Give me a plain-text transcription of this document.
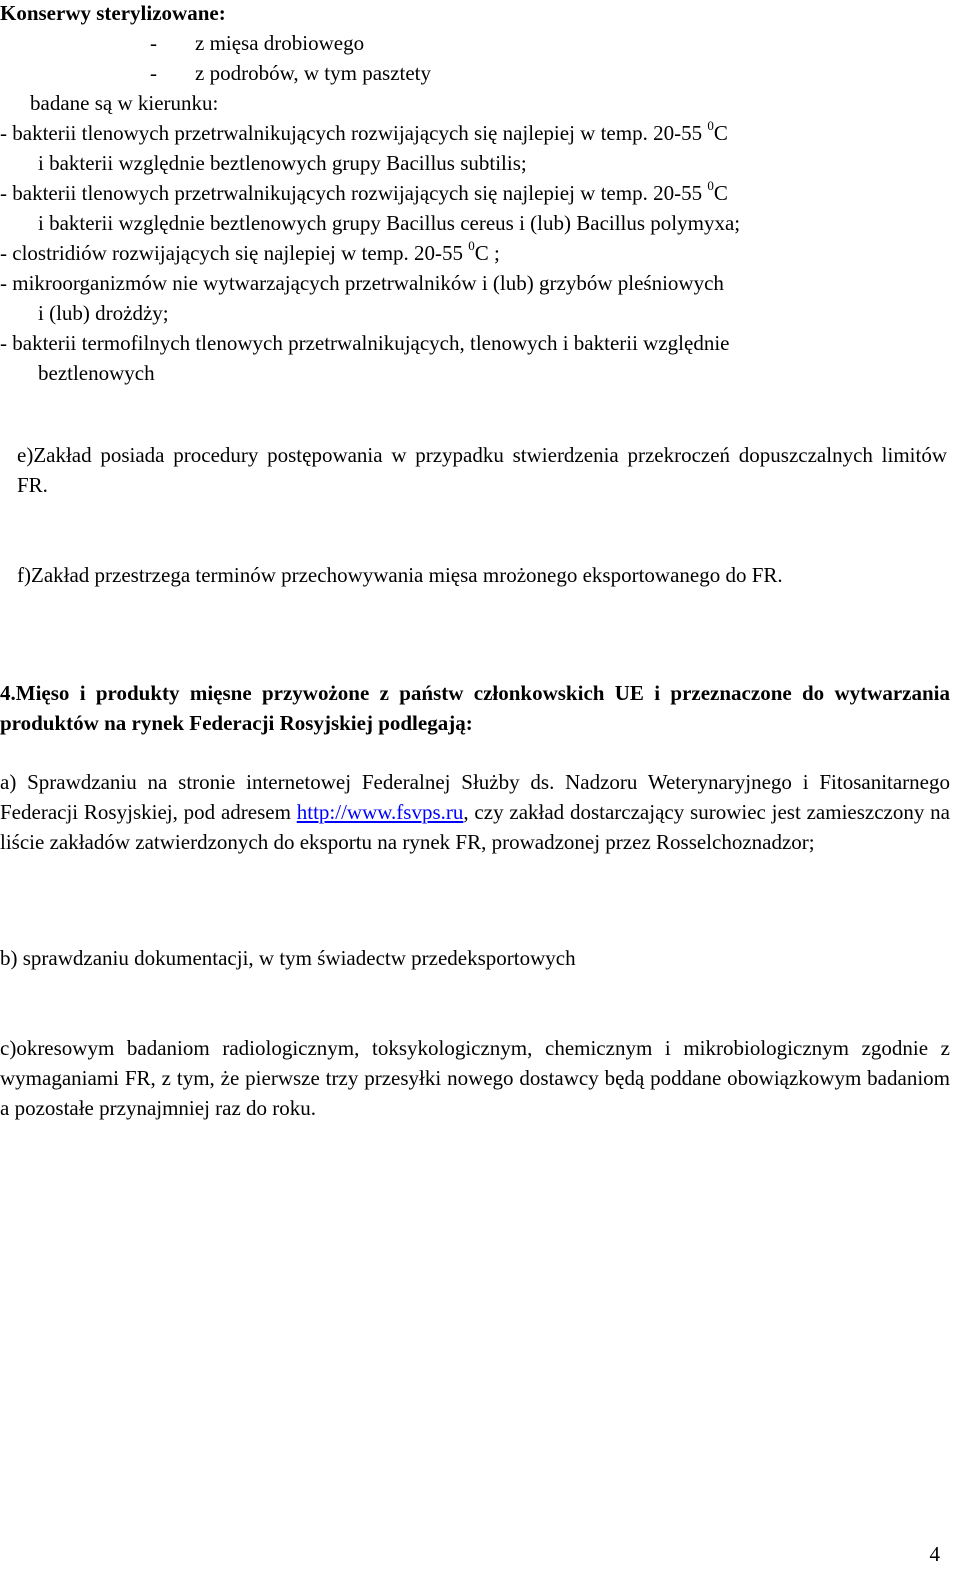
Konserwy sterylizowane:

- z mięsa drobiowego

- z podrobów, w tym pasztety

badane są w kierunku:

- bakterii tlenowych przetrwalnikujących rozwijających się najlepiej w temp. 20-55 $^0$C
i bakterii względnie beztlenowych grupy Bacillus subtilis;

- bakterii tlenowych przetrwalnikujących rozwijających się najlepiej w temp. 20-55 $^0$C
i bakterii względnie beztlenowych grupy Bacillus cereus i (lub) Bacillus polymyxa;

- clostridiów rozwijających się najlepiej w temp. 20-55 $^0$C ;

- mikroorganizmów nie wytwarzających przetrwalników i (lub) grzybów pleśniowych
i (lub) drożdży;

- bakterii termofilnych tlenowych przetrwalnikujących, tlenowych i bakterii względnie
beztlenowych

e)Zakład posiada procedury postępowania w przypadku stwierdzenia przekroczeń dopuszczalnych limitów FR.

f)Zakład przestrzega terminów przechowywania mięsa mrożonego eksportowanego do FR.

4.Mięso i produkty mięsne przywożone z państw członkowskich UE i przeznaczone do wytwarzania produktów na rynek Federacji Rosyjskiej podlegają:

a) Sprawdzaniu na stronie internetowej Federalnej Służby ds. Nadzoru Weterynaryjnego i Fitosanitarnego Federacji Rosyjskiej, pod adresem http://www.fsvps.ru, czy zakład dostarczający surowiec jest zamieszczony na liście zakładów zatwierdzonych do eksportu na rynek FR, prowadzonej przez Rosselchoznadzor;

b) sprawdzaniu dokumentacji, w tym świadectw przedeksportowych

c)okresowym badaniom radiologicznym, toksykologicznym, chemicznym i mikrobiologicznym zgodnie z wymaganiami FR, z tym, że pierwsze trzy przesyłki nowego dostawcy będą poddane obowiązkowym badaniom a pozostałe przynajmniej raz do roku.

4
